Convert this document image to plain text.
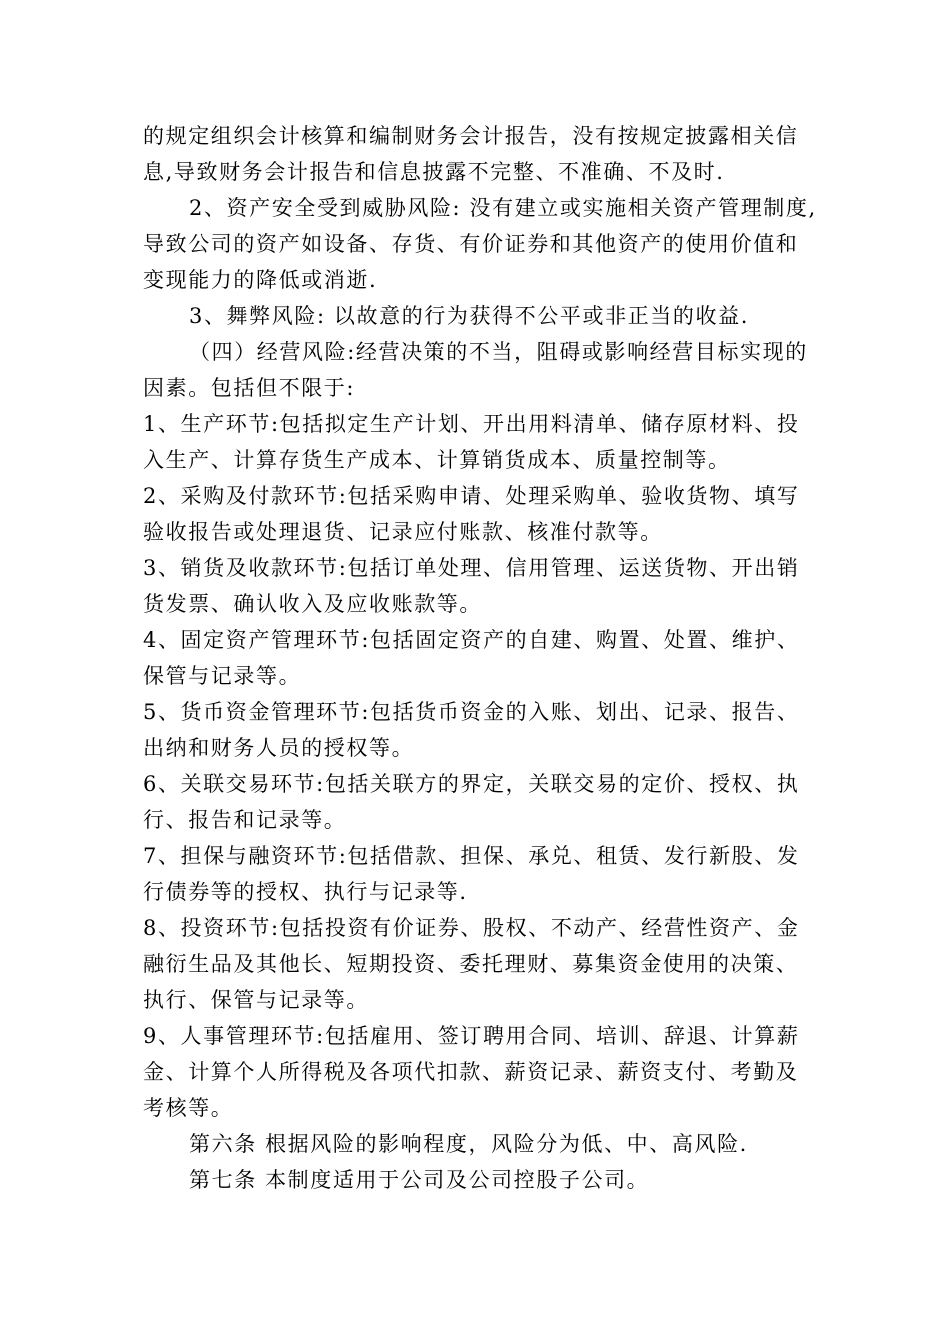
的规定组织会计核算和编制财务会计报告，没有按规定披露相关信
息,导致财务会计报告和信息披露不完整、不准确、不及时.
2、资产安全受到威胁风险: 没有建立或实施相关资产管理制度,
导致公司的资产如设备、存货、有价证券和其他资产的使用价值和
变现能力的降低或消逝.
3、舞弊风险: 以故意的行为获得不公平或非正当的收益.
（四）经营风险:经营决策的不当，阻碍或影响经营目标实现的
因素。包括但不限于:
1、生产环节:包括拟定生产计划、开出用料清单、储存原材料、投
入生产、计算存货生产成本、计算销货成本、质量控制等。
2、采购及付款环节:包括采购申请、处理采购单、验收货物、填写
验收报告或处理退货、记录应付账款、核准付款等。
3、销货及收款环节:包括订单处理、信用管理、运送货物、开出销
货发票、确认收入及应收账款等。
4、固定资产管理环节:包括固定资产的自建、购置、处置、维护、
保管与记录等。
5、货币资金管理环节:包括货币资金的入账、划出、记录、报告、
出纳和财务人员的授权等。
6、关联交易环节:包括关联方的界定，关联交易的定价、授权、执
行、报告和记录等。
7、担保与融资环节:包括借款、担保、承兑、租赁、发行新股、发
行债券等的授权、执行与记录等.
8、投资环节:包括投资有价证券、股权、不动产、经营性资产、金
融衍生品及其他长、短期投资、委托理财、募集资金使用的决策、
执行、保管与记录等。
9、人事管理环节:包括雇用、签订聘用合同、培训、辞退、计算薪
金、计算个人所得税及各项代扣款、薪资记录、薪资支付、考勤及
考核等。
第六条 根据风险的影响程度，风险分为低、中、高风险.
第七条 本制度适用于公司及公司控股子公司。
